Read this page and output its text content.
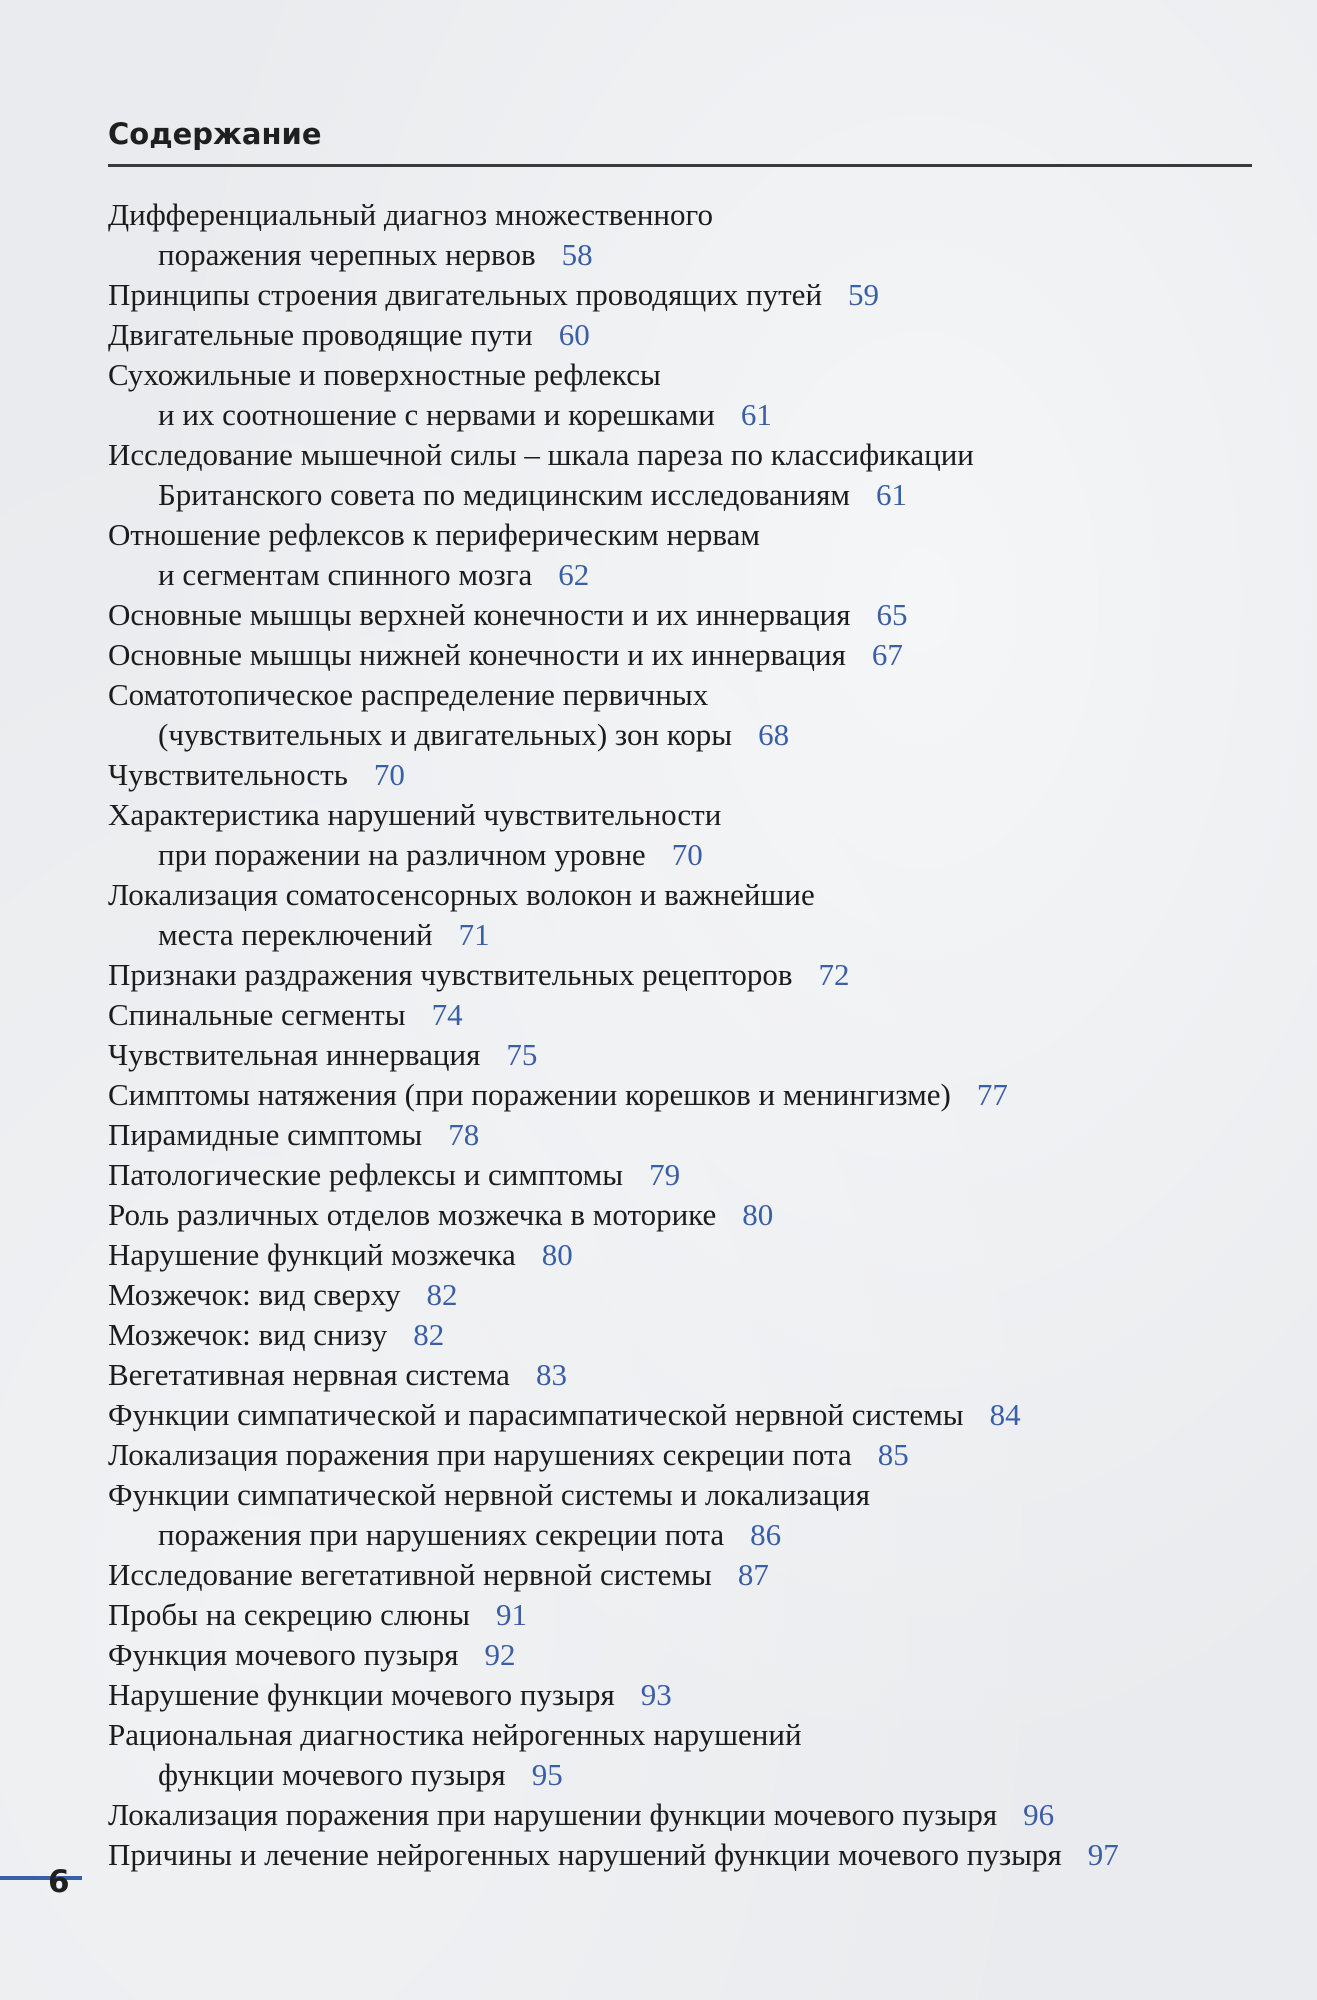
Содержание
Дифференциальный диагноз множественного
поражения черепных нервов 58
Принципы строения двигательных проводящих путей 59
Двигательные проводящие пути 60
Сухожильные и поверхностные рефлексы
и их соотношение с нервами и корешками 61
Исследование мышечной силы – шкала пареза по классификации
Британского совета по медицинским исследованиям 61
Отношение рефлексов к периферическим нервам
и сегментам спинного мозга 62
Основные мышцы верхней конечности и их иннервация 65
Основные мышцы нижней конечности и их иннервация 67
Соматотопическое распределение первичных
(чувствительных и двигательных) зон коры 68
Чувствительность 70
Характеристика нарушений чувствительности
при поражении на различном уровне 70
Локализация соматосенсорных волокон и важнейшие
места переключений 71
Признаки раздражения чувствительных рецепторов 72
Спинальные сегменты 74
Чувствительная иннервация 75
Симптомы натяжения (при поражении корешков и менингизме) 77
Пирамидные симптомы 78
Патологические рефлексы и симптомы 79
Роль различных отделов мозжечка в моторике 80
Нарушение функций мозжечка 80
Мозжечок: вид сверху 82
Мозжечок: вид снизу 82
Вегетативная нервная система 83
Функции симпатической и парасимпатической нервной системы 84
Локализация поражения при нарушениях секреции пота 85
Функции симпатической нервной системы и локализация
поражения при нарушениях секреции пота 86
Исследование вегетативной нервной системы 87
Пробы на секрецию слюны 91
Функция мочевого пузыря 92
Нарушение функции мочевого пузыря 93
Рациональная диагностика нейрогенных нарушений
функции мочевого пузыря 95
Локализация поражения при нарушении функции мочевого пузыря 96
Причины и лечение нейрогенных нарушений функции мочевого пузыря 97
6
